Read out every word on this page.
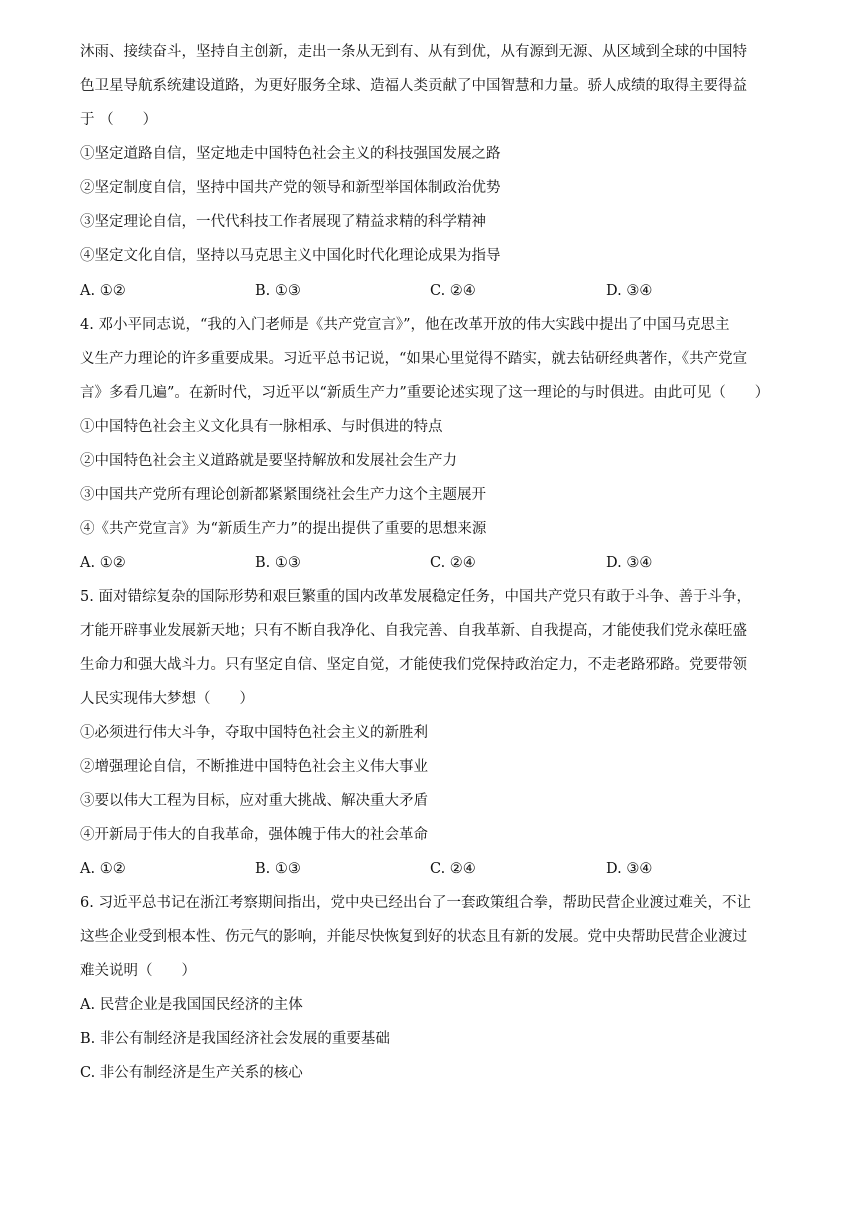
沐雨、接续奋斗，坚持自主创新，走出一条从无到有、从有到优，从有源到无源、从区域到全球的中国特
色卫星导航系统建设道路，为更好服务全球、造福人类贡献了中国智慧和力量。骄人成绩的取得主要得益
于 （　　）
①坚定道路自信，坚定地走中国特色社会主义的科技强国发展之路
②坚定制度自信，坚持中国共产党的领导和新型举国体制政治优势
③坚定理论自信，一代代科技工作者展现了精益求精的科学精神
④坚定文化自信，坚持以马克思主义中国化时代化理论成果为指导
A. ①②	B. ①③	C. ②④	D. ③④
4. 邓小平同志说，“我的入门老师是《共产党宣言》”，他在改革开放的伟大实践中提出了中国马克思主
义生产力理论的许多重要成果。习近平总书记说，“如果心里觉得不踏实，就去钻研经典著作，《共产党宣
言》多看几遍”。在新时代，习近平以“新质生产力”重要论述实现了这一理论的与时俱进。由此可见（　　）
①中国特色社会主义文化具有一脉相承、与时俱进的特点
②中国特色社会主义道路就是要坚持解放和发展社会生产力
③中国共产党所有理论创新都紧紧围绕社会生产力这个主题展开
④《共产党宣言》为“新质生产力”的提出提供了重要的思想来源
A. ①②	B. ①③	C. ②④	D. ③④
5. 面对错综复杂的国际形势和艰巨繁重的国内改革发展稳定任务，中国共产党只有敢于斗争、善于斗争，
才能开辟事业发展新天地；只有不断自我净化、自我完善、自我革新、自我提高，才能使我们党永葆旺盛
生命力和强大战斗力。只有坚定自信、坚定自觉，才能使我们党保持政治定力，不走老路邪路。党要带领
人民实现伟大梦想（　　）
①必须进行伟大斗争，夺取中国特色社会主义的新胜利
②增强理论自信，不断推进中国特色社会主义伟大事业
③要以伟大工程为目标，应对重大挑战、解决重大矛盾
④开新局于伟大的自我革命，强体魄于伟大的社会革命
A. ①②	B. ①③	C. ②④	D. ③④
6. 习近平总书记在浙江考察期间指出，党中央已经出台了一套政策组合拳，帮助民营企业渡过难关，不让
这些企业受到根本性、伤元气的影响，并能尽快恢复到好的状态且有新的发展。党中央帮助民营企业渡过
难关说明（　　）
A. 民营企业是我国国民经济的主体
B. 非公有制经济是我国经济社会发展的重要基础
C. 非公有制经济是生产关系的核心
